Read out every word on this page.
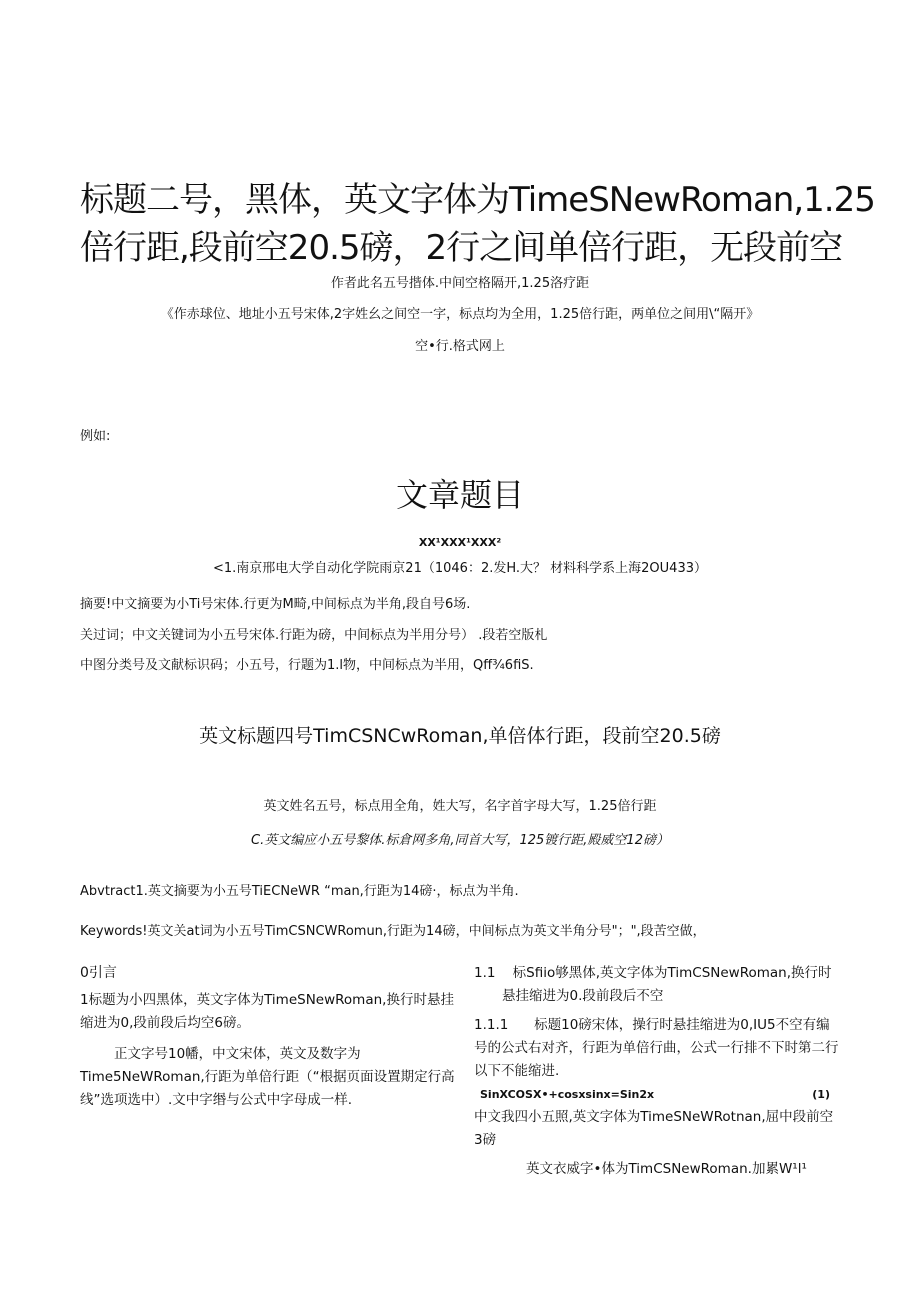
标题二号，黑体，英文字体为TimeSNewRoman,1.25
倍行距,段前空20.5磅，2行之间单倍行距，无段前空
作者此名五号揩体.中间空格隔开,1.25洛疗距
《作赤球位、地址小五号宋体,2字姓幺之间空一字，标点均为全用，1.25倍行距，两单位之间用\“隔开》
空•行.格式网上
例如:
文章题目
XX¹XXX¹XXX²
<1.南京邢电大学自动化学院雨京21（1046：2.发H.大？ 材料科学系上海2OU433）
摘要!中文摘要为小Ti号宋体.行更为M畸,中间标点为半角,段自号6场.
关过词；中文关键词为小五号宋体.行距为磅，中间标点为半用分号） .段若空版札
中图分类号及文献标识码；小五号，行题为1.l物，中间标点为半用，Qff¾6fiS.
英文标题四号TimCSNCwRoman,单倍体行距，段前空20.5磅
英文姓名五号，标点用全角，姓大写，名字首字母大写，1.25倍行距
C.英文编应小五号黎体.标倉网多角,同首大写，125镀行距,殿威空12磅）
Abvtract1.英文摘要为小五号TiECNeWR “man,行距为14磅·，标点为半角.
Keywords!英文关at词为小五号TimCSNCWRomun,行距为14磅，中间标点为英文半角分号"；",段苦空做，

0引言

1标题为小四黑体，英文字体为TimeSNewRoman,换行时悬挂缩进为0,段前段后均空6磅。

正文字号10幡，中文宋体，英文及数字为Time5NeWRoman,行距为单倍行距（“根据页面设置期定行高线”选项选中）.文中字缗与公式中字母成一样.

1.1 标Sfiio够黑体,英文字体为TimCSNewRoman,换行时悬挂缩进为0.段前段后不空

1.1.1 标题10磅宋体，操行时悬挂缩进为0,IU5不空有编号的公式右对齐，行距为单倍行曲，公式一行排不下时第二行以下不能缩进.

SinXCOSX•+cosxsinx=Sin2x	(1)

中文我四小五照,英文字体为TimeSNeWRotnan,屈中段前空3磅

英文衣威字•体为TimCSNewRoman.加累W¹l¹
